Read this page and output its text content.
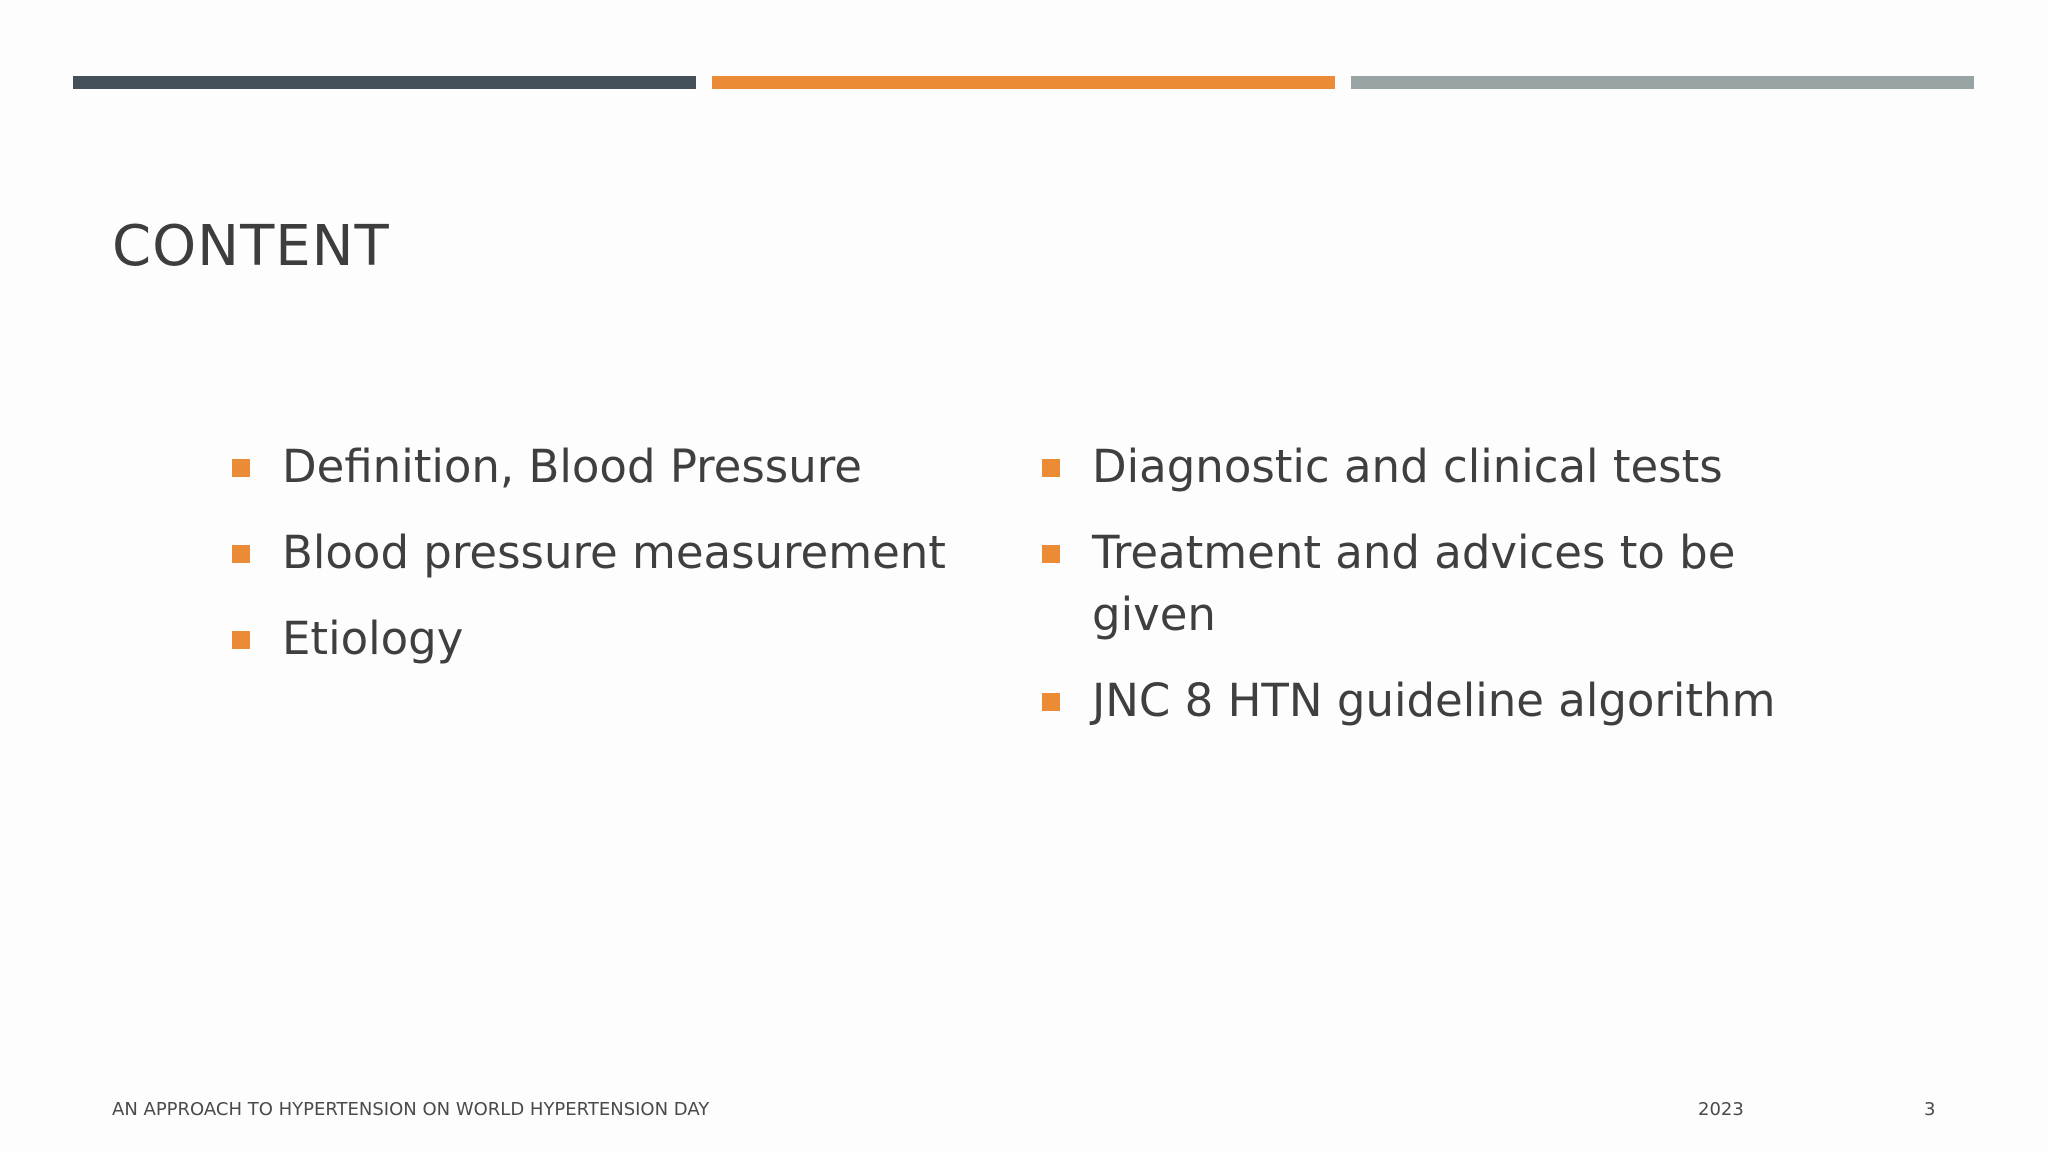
CONTENT
Definition, Blood Pressure
Blood pressure measurement
Etiology
Diagnostic and clinical tests
Treatment and advices to be given
JNC 8 HTN guideline algorithm
AN APPROACH TO HYPERTENSION ON WORLD HYPERTENSION DAY	2023	3
